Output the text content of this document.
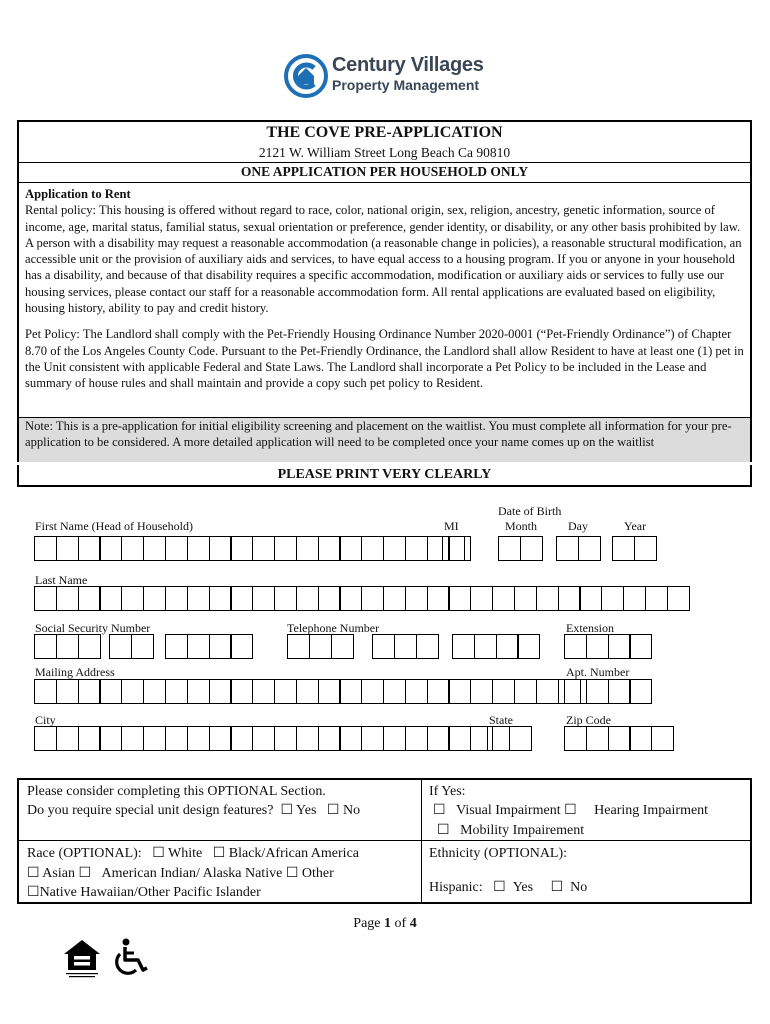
Century Villages
Property Management
THE COVE PRE-APPLICATION
2121 W. William Street Long Beach Ca 90810
ONE APPLICATION PER HOUSEHOLD ONLY
Application to Rent

Rental policy: This housing is offered without regard to race, color, national origin, sex, religion, ancestry, genetic information, source of income, age, marital status, familial status, sexual orientation or preference, gender identity, or disability, or any other basis prohibited by law. A person with a disability may request a reasonable accommodation (a reasonable change in policies), a reasonable structural modification, an accessible unit or the provision of auxiliary aids and services, to have equal access to a housing program. If you or anyone in your household has a disability, and because of that disability requires a specific accommodation, modification or auxiliary aids or services to fully use our housing services, please contact our staff for a reasonable accommodation form. All rental applications are evaluated based on eligibility, housing history, ability to pay and credit history.

Pet Policy: The Landlord shall comply with the Pet-Friendly Housing Ordinance Number 2020-0001 (“Pet-Friendly Ordinance”) of Chapter 8.70 of the Los Angeles County Code. Pursuant to the Pet-Friendly Ordinance, the Landlord shall allow Resident to have at least one (1) pet in the Unit consistent with applicable Federal and State Laws. The Landlord shall incorporate a Pet Policy to be included in the Lease and summary of house rules and shall maintain and provide a copy such pet policy to Resident.

Note: This is a pre-application for initial eligibility screening and placement on the waitlist. You must complete all information for your pre-application to be considered. A more detailed application will need to be completed once your name comes up on the waitlist
PLEASE PRINT VERY CLEARLY
Date of Birth
First Name (Head of Household)	MI	Month	Day	Year
Last Name
Social Security Number	Telephone Number	Extension
Mailing Address	Apt. Number
City	State	Zip Code
Please consider completing this OPTIONAL Section.
Do you require special unit design features? ☐ Yes ☐ No
If Yes:
☐ Visual Impairment ☐ Hearing Impairment
☐ Mobility Impairement
Race (OPTIONAL): ☐ White ☐ Black/African America
☐ Asian ☐ American Indian/ Alaska Native ☐ Other
☐Native Hawaiian/Other Pacific Islander
Ethnicity (OPTIONAL):
Hispanic: ☐ Yes ☐ No
Page 1 of 4
